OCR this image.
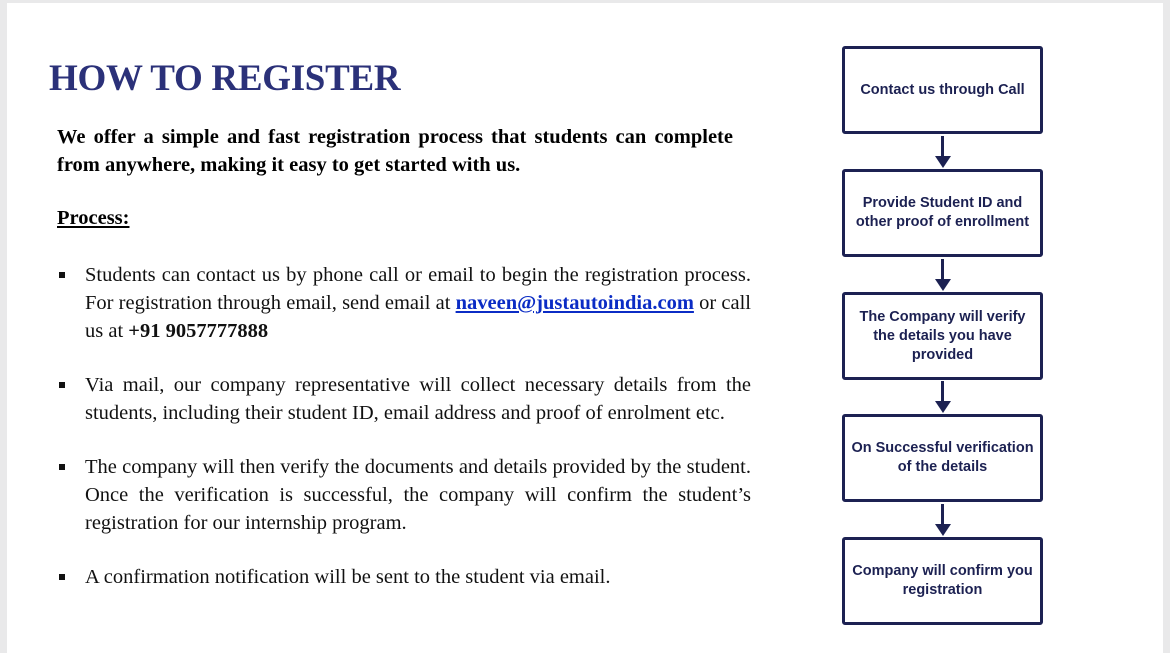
HOW TO REGISTER

We offer a simple and fast registration process that students can complete from anywhere, making it easy to get started with us.

Process:

Students can contact us by phone call or email to begin the registration process. For registration through email, send email at naveen@justautoindia.com or call us at +91 9057777888
Via mail, our company representative will collect necessary details from the students, including their student ID, email address and proof of enrolment etc.
The company will then verify the documents and details provided by the student. Once the verification is successful, the company will confirm the student’s registration for our internship program.
A confirmation notification will be sent to the student via email.
Contact us through Call
Provide Student ID and other proof of enrollment
The Company will verify the details you have provided
On Successful verification of the details
Company will confirm you registration
